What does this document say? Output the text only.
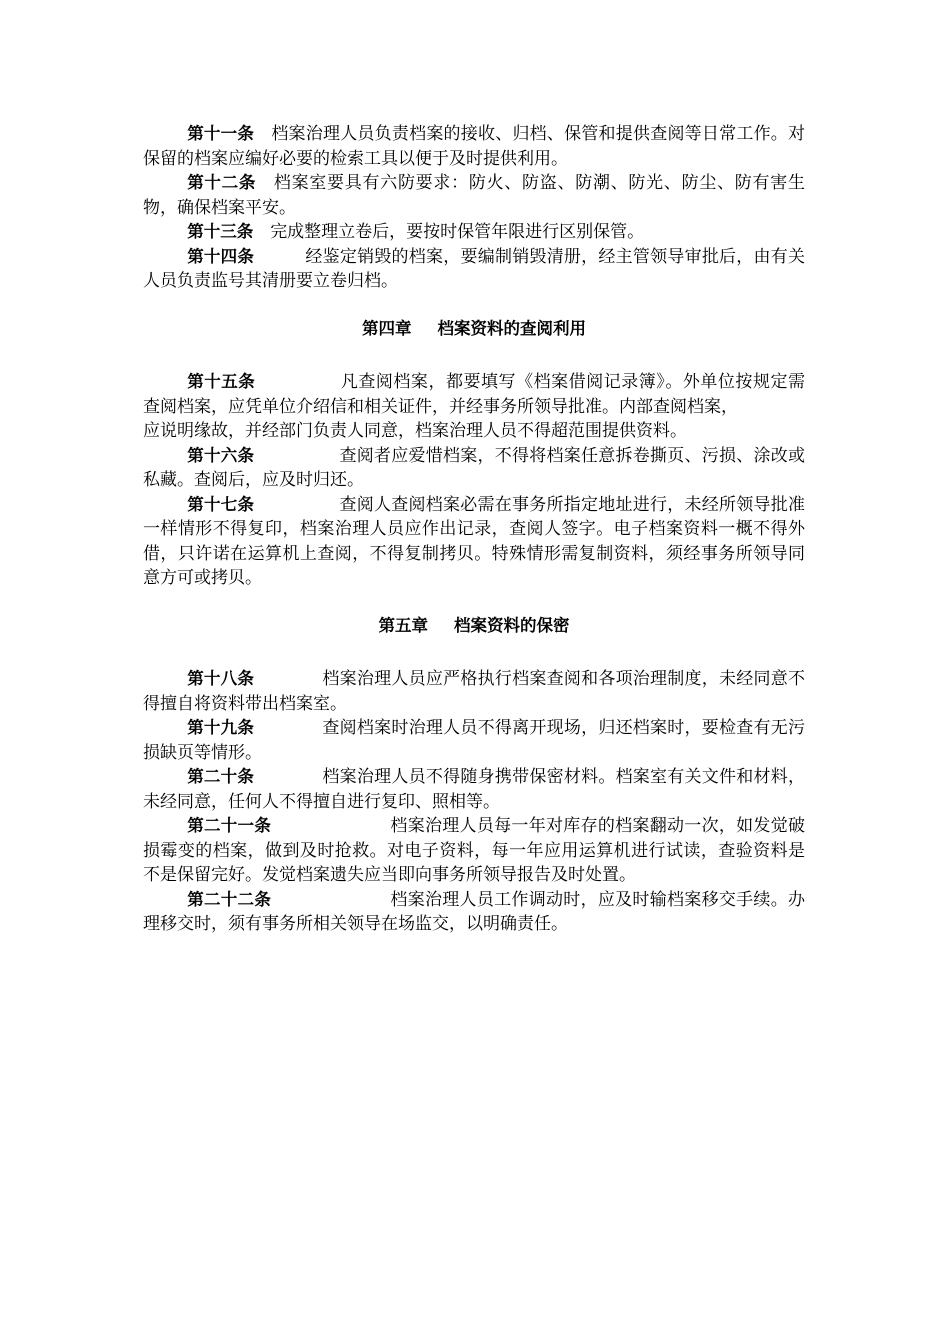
第十一条  档案治理人员负责档案的接收、归档、保管和提供查阅等日常工作。对保留的档案应编好必要的检索工具以便于及时提供利用。

第十二条  档案室要具有六防要求：防火、防盗、防潮、防光、防尘、防有害生物，确保档案平安。

第十三条  完成整理立卷后，要按时保管年限进行区别保管。

第十四条   	经鉴定销毁的档案，要编制销毁清册，经主管领导审批后，由有关人员负责监号其清册要立卷归档。

第四章 档案资料的查阅利用

第十五条     	凡查阅档案，都要填写《档案借阅记录簿》。外单位按规定需查阅档案，应凭单位介绍信和相关证件，并经事务所领导批准。内部查阅档案，

应说明缘故，并经部门负责人同意，档案治理人员不得超范围提供资料。

第十六条     	查阅者应爱惜档案，不得将档案任意拆卷撕页、污损、涂改或私藏。查阅后，应及时归还。

第十七条     	查阅人查阅档案必需在事务所指定地址进行，未经所领导批准一样情形不得复印，档案治理人员应作出记录，查阅人签字。电子档案资料一概不得外借，只许诺在运算机上查阅，不得复制拷贝。特殊情形需复制资料，须经事务所领导同意方可或拷贝。

第五章 档案资料的保密

第十八条    	档案治理人员应严格执行档案查阅和各项治理制度，未经同意不得擅自将资料带出档案室。

第十九条    	查阅档案时治理人员不得离开现场，归还档案时，要检查有无污损缺页等情形。

第二十条    	档案治理人员不得随身携带保密材料。档案室有关文件和材料，未经同意，任何人不得擅自进行复印、照相等。

第二十一条       	档案治理人员每一年对库存的档案翻动一次，如发觉破损霉变的档案，做到及时抢救。对电子资料，每一年应用运算机进行试读，查验资料是不是保留完好。发觉档案遗失应当即向事务所领导报告及时处置。

第二十二条       	档案治理人员工作调动时，应及时输档案移交手续。办理移交时，须有事务所相关领导在场监交，以明确责任。
